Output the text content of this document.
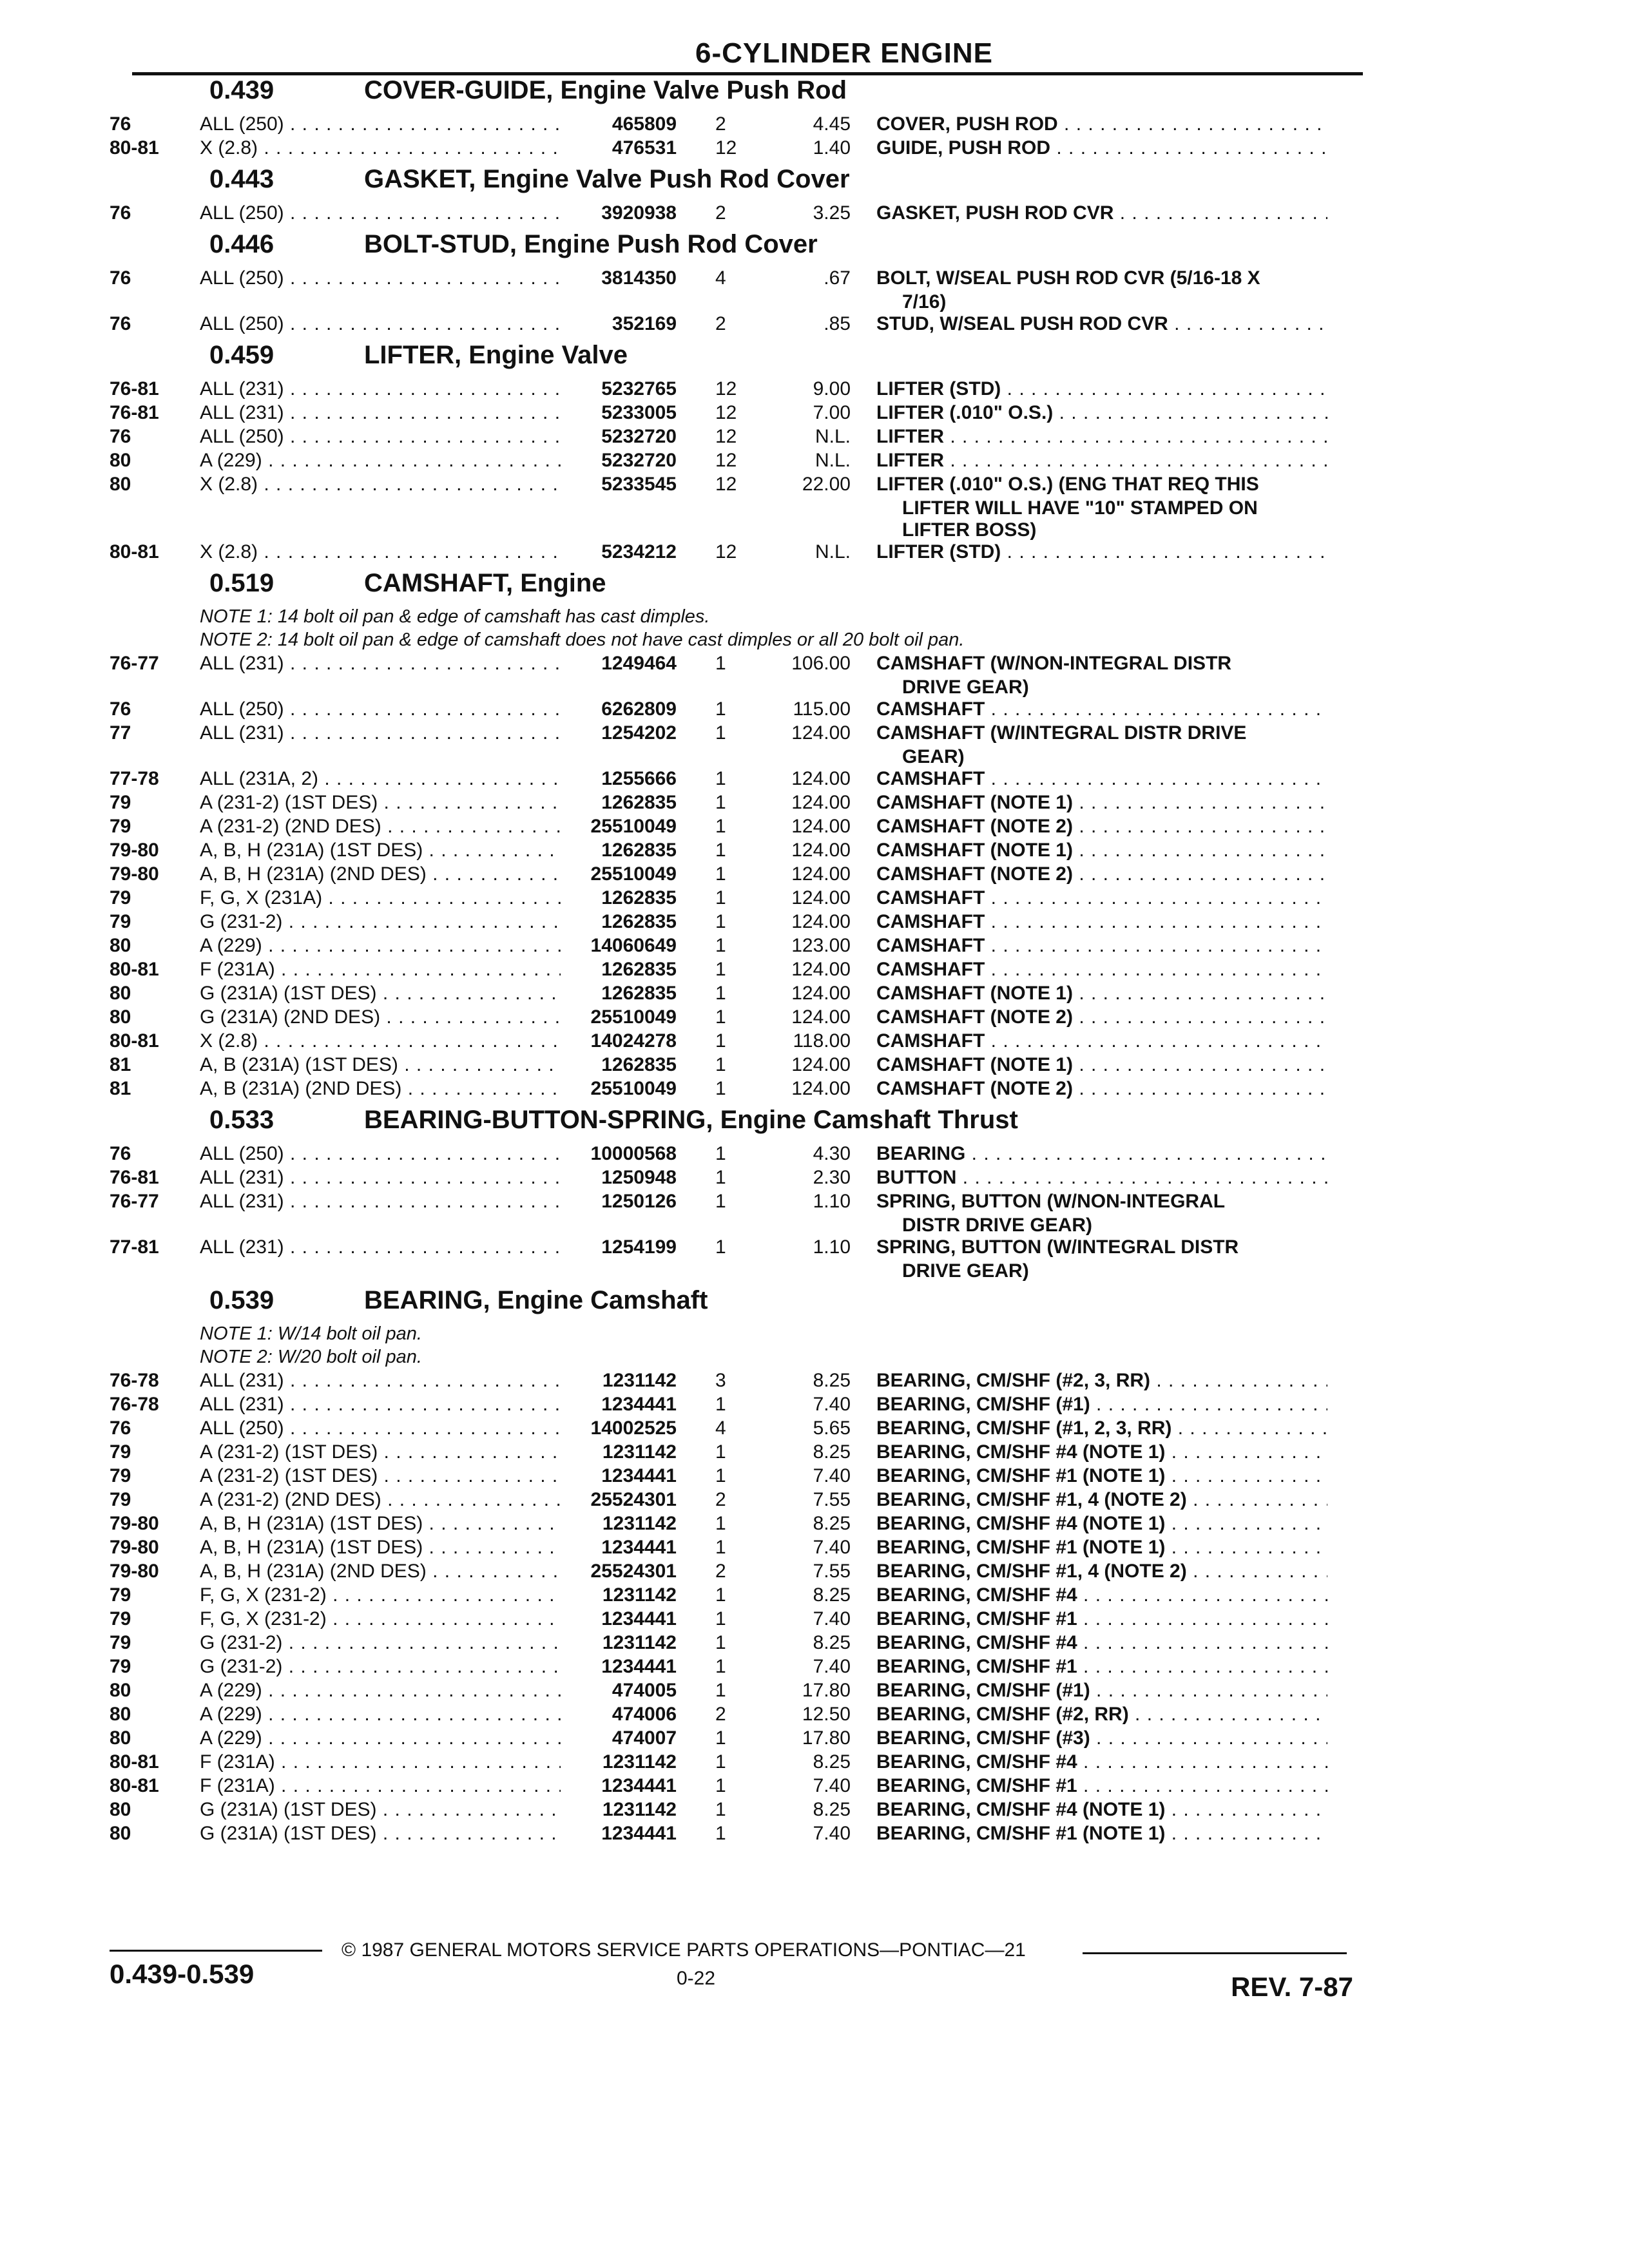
6-CYLINDER ENGINE
0.439	COVER-GUIDE, Engine Valve Push Rod
76	ALL (250) . . .	465809	2	4.45	COVER, PUSH ROD . . .
80-81	X (2.8) . . .	476531	12	1.40	GUIDE, PUSH ROD . . .
0.443	GASKET, Engine Valve Push Rod Cover
76	ALL (250) . . .	3920938	2	3.25	GASKET, PUSH ROD CVR . . .
0.446	BOLT-STUD, Engine Push Rod Cover
76	ALL (250) . . .	3814350	4	.67	BOLT, W/SEAL PUSH ROD CVR (5/16-18 X
7/16)
76	ALL (250) . . .	352169	2	.85	STUD, W/SEAL PUSH ROD CVR . . .
0.459	LIFTER, Engine Valve
76-81	ALL (231) . . .	5232765	12	9.00	LIFTER (STD) . . .
76-81	ALL (231) . . .	5233005	12	7.00	LIFTER (.010" O.S.) . . .
76	ALL (250) . . .	5232720	12	N.L.	LIFTER . . .
80	A (229) . . .	5232720	12	N.L.	LIFTER . . .
80	X (2.8) . . .	5233545	12	22.00	LIFTER (.010" O.S.) (ENG THAT REQ THIS
LIFTER WILL HAVE "10" STAMPED ON
LIFTER BOSS)
80-81	X (2.8) . . .	5234212	12	N.L.	LIFTER (STD) . . .
0.519	CAMSHAFT, Engine
NOTE 1: 14 bolt oil pan & edge of camshaft has cast dimples.
NOTE 2: 14 bolt oil pan & edge of camshaft does not have cast dimples or all 20 bolt oil pan.
76-77	ALL (231) . . .	1249464	1	106.00	CAMSHAFT (W/NON-INTEGRAL DISTR
DRIVE GEAR)
76	ALL (250) . . .	6262809	1	115.00	CAMSHAFT . . .
77	ALL (231) . . .	1254202	1	124.00	CAMSHAFT (W/INTEGRAL DISTR DRIVE
GEAR)
77-78	ALL (231A, 2) . . .	1255666	1	124.00	CAMSHAFT . . .
79	A (231-2) (1ST DES) . . .	1262835	1	124.00	CAMSHAFT (NOTE 1) . . .
79	A (231-2) (2ND DES) . . .	25510049	1	124.00	CAMSHAFT (NOTE 2) . . .
79-80	A, B, H (231A) (1ST DES) . . .	1262835	1	124.00	CAMSHAFT (NOTE 1) . . .
79-80	A, B, H (231A) (2ND DES) . . .	25510049	1	124.00	CAMSHAFT (NOTE 2) . . .
79	F, G, X (231A) . . .	1262835	1	124.00	CAMSHAFT . . .
79	G (231-2) . . .	1262835	1	124.00	CAMSHAFT . . .
80	A (229) . . .	14060649	1	123.00	CAMSHAFT . . .
80-81	F (231A) . . .	1262835	1	124.00	CAMSHAFT . . .
80	G (231A) (1ST DES) . . .	1262835	1	124.00	CAMSHAFT (NOTE 1) . . .
80	G (231A) (2ND DES) . . .	25510049	1	124.00	CAMSHAFT (NOTE 2) . . .
80-81	X (2.8) . . .	14024278	1	118.00	CAMSHAFT . . .
81	A, B (231A) (1ST DES) . . .	1262835	1	124.00	CAMSHAFT (NOTE 1) . . .
81	A, B (231A) (2ND DES) . . .	25510049	1	124.00	CAMSHAFT (NOTE 2) . . .
0.533	BEARING-BUTTON-SPRING, Engine Camshaft Thrust
76	ALL (250) . . .	10000568	1	4.30	BEARING . . .
76-81	ALL (231) . . .	1250948	1	2.30	BUTTON . . .
76-77	ALL (231) . . .	1250126	1	1.10	SPRING, BUTTON (W/NON-INTEGRAL
DISTR DRIVE GEAR)
77-81	ALL (231) . . .	1254199	1	1.10	SPRING, BUTTON (W/INTEGRAL DISTR
DRIVE GEAR)
0.539	BEARING, Engine Camshaft
NOTE 1: W/14 bolt oil pan.
NOTE 2: W/20 bolt oil pan.
76-78	ALL (231) . . .	1231142	3	8.25	BEARING, CM/SHF (#2, 3, RR) . . .
76-78	ALL (231) . . .	1234441	1	7.40	BEARING, CM/SHF (#1) . . .
76	ALL (250) . . .	14002525	4	5.65	BEARING, CM/SHF (#1, 2, 3, RR) . . .
79	A (231-2) (1ST DES) . . .	1231142	1	8.25	BEARING, CM/SHF #4 (NOTE 1) . . .
79	A (231-2) (1ST DES) . . .	1234441	1	7.40	BEARING, CM/SHF #1 (NOTE 1) . . .
79	A (231-2) (2ND DES) . . .	25524301	2	7.55	BEARING, CM/SHF #1, 4 (NOTE 2) . . .
79-80	A, B, H (231A) (1ST DES) . . .	1231142	1	8.25	BEARING, CM/SHF #4 (NOTE 1) . . .
79-80	A, B, H (231A) (1ST DES) . . .	1234441	1	7.40	BEARING, CM/SHF #1 (NOTE 1) . . .
79-80	A, B, H (231A) (2ND DES) . . .	25524301	2	7.55	BEARING, CM/SHF #1, 4 (NOTE 2) . . .
79	F, G, X (231-2) . . .	1231142	1	8.25	BEARING, CM/SHF #4 . . .
79	F, G, X (231-2) . . .	1234441	1	7.40	BEARING, CM/SHF #1 . . .
79	G (231-2) . . .	1231142	1	8.25	BEARING, CM/SHF #4 . . .
79	G (231-2) . . .	1234441	1	7.40	BEARING, CM/SHF #1 . . .
80	A (229) . . .	474005	1	17.80	BEARING, CM/SHF (#1) . . .
80	A (229) . . .	474006	2	12.50	BEARING, CM/SHF (#2, RR) . . .
80	A (229) . . .	474007	1	17.80	BEARING, CM/SHF (#3) . . .
80-81	F (231A) . . .	1231142	1	8.25	BEARING, CM/SHF #4 . . .
80-81	F (231A) . . .	1234441	1	7.40	BEARING, CM/SHF #1 . . .
80	G (231A) (1ST DES) . . .	1231142	1	8.25	BEARING, CM/SHF #4 (NOTE 1) . . .
80	G (231A) (1ST DES) . . .	1234441	1	7.40	BEARING, CM/SHF #1 (NOTE 1) . . .
0.439-0.539
© 1987 GENERAL MOTORS SERVICE PARTS OPERATIONS—PONTIAC—21
0-22	REV. 7-87
